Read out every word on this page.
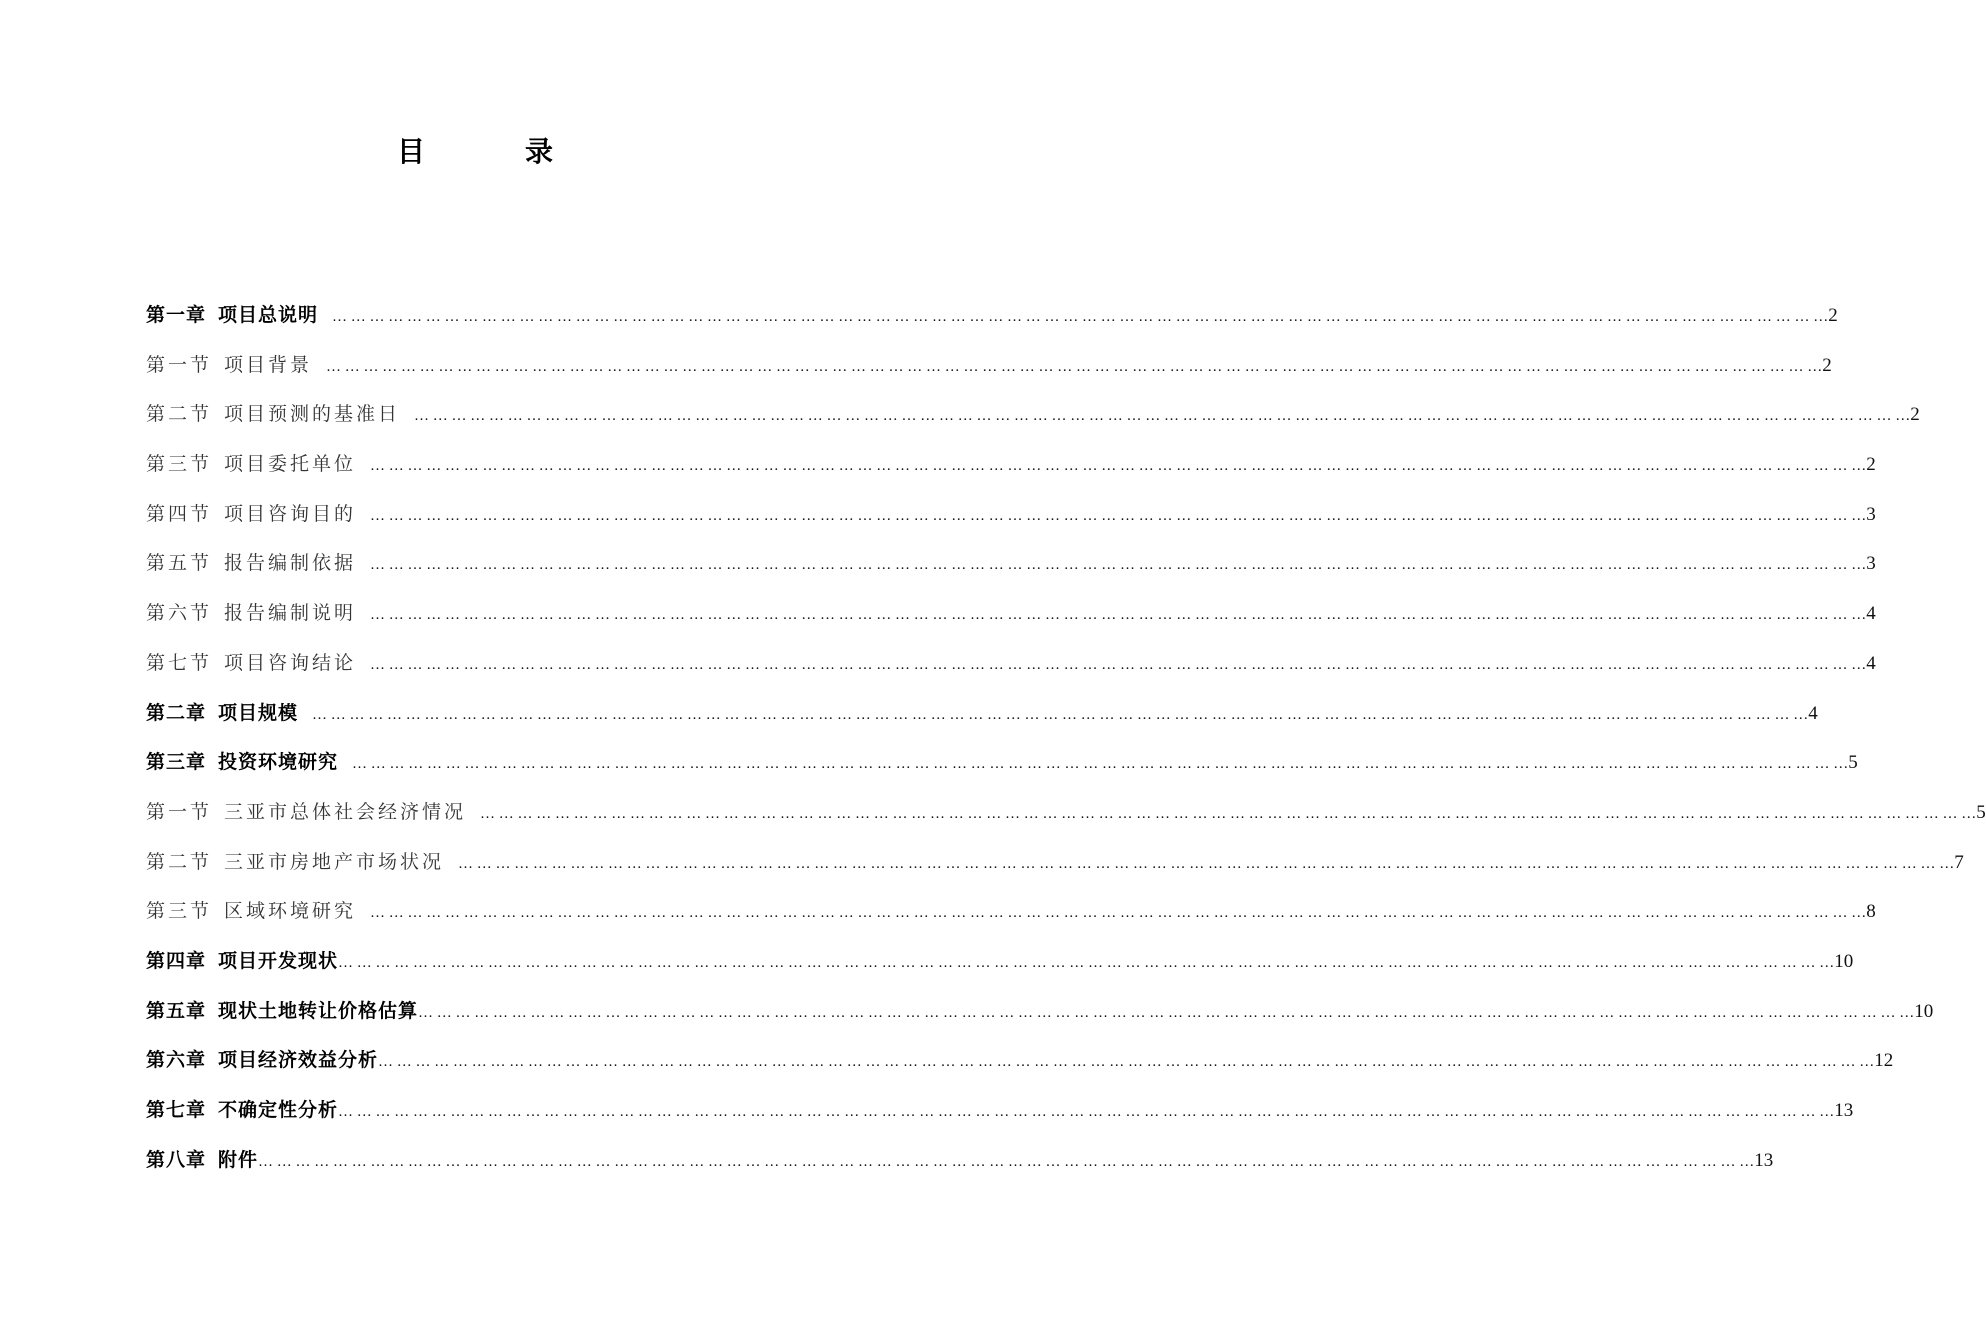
目　录
第一章 项目总说明 … … … … … … … … … … … … … … … … … … … … … … … … … … … … … … … … … … … … … … … … … … … … … … … … … … … … … … … … … … … … … … … … … … … … … … … … … … … … … … … … 2
第一节 项目背景 … … … … … … … … … … … … … … … … … … … … … … … … … … … … … … … … … … … … … … … … … … … … … … … … … … … … … … … … … … … … … … … … … … … … … … … … … … … … … … … … 2
第二节 项目预测的基准日 … … … … … … … … … … … … … … … … … … … … … … … … … … … … … … … … … … … … … … … … … … … … … … … … … … … … … … … … … … … … … … … … … … … … … … … … … … … … … … … … 2
第三节 项目委托单位 … … … … … … … … … … … … … … … … … … … … … … … … … … … … … … … … … … … … … … … … … … … … … … … … … … … … … … … … … … … … … … … … … … … … … … … … … … … … … … … … 2
第四节 项目咨询目的 … … … … … … … … … … … … … … … … … … … … … … … … … … … … … … … … … … … … … … … … … … … … … … … … … … … … … … … … … … … … … … … … … … … … … … … … … … … … … … … … 3
第五节 报告编制依据 … … … … … … … … … … … … … … … … … … … … … … … … … … … … … … … … … … … … … … … … … … … … … … … … … … … … … … … … … … … … … … … … … … … … … … … … … … … … … … … … 3
第六节 报告编制说明 … … … … … … … … … … … … … … … … … … … … … … … … … … … … … … … … … … … … … … … … … … … … … … … … … … … … … … … … … … … … … … … … … … … … … … … … … … … … … … … … 4
第七节 项目咨询结论 … … … … … … … … … … … … … … … … … … … … … … … … … … … … … … … … … … … … … … … … … … … … … … … … … … … … … … … … … … … … … … … … … … … … … … … … … … … … … … … … 4
第二章 项目规模 … … … … … … … … … … … … … … … … … … … … … … … … … … … … … … … … … … … … … … … … … … … … … … … … … … … … … … … … … … … … … … … … … … … … … … … … … … … … … … … … 4
第三章 投资环境研究 … … … … … … … … … … … … … … … … … … … … … … … … … … … … … … … … … … … … … … … … … … … … … … … … … … … … … … … … … … … … … … … … … … … … … … … … … … … … … … … … 5
第一节 三亚市总体社会经济情况 … … … … … … … … … … … … … … … … … … … … … … … … … … … … … … … … … … … … … … … … … … … … … … … … … … … … … … … … … … … … … … … … … … … … … … … … … … … … … … … … 5
第二节 三亚市房地产市场状况 … … … … … … … … … … … … … … … … … … … … … … … … … … … … … … … … … … … … … … … … … … … … … … … … … … … … … … … … … … … … … … … … … … … … … … … … … … … … … … … … 7
第三节 区域环境研究 … … … … … … … … … … … … … … … … … … … … … … … … … … … … … … … … … … … … … … … … … … … … … … … … … … … … … … … … … … … … … … … … … … … … … … … … … … … … … … … … 8
第四章 项目开发现状 … … … … … … … … … … … … … … … … … … … … … … … … … … … … … … … … … … … … … … … … … … … … … … … … … … … … … … … … … … … … … … … … … … … … … … … … … … … … … … … … 10
第五章 现状土地转让价格估算 … … … … … … … … … … … … … … … … … … … … … … … … … … … … … … … … … … … … … … … … … … … … … … … … … … … … … … … … … … … … … … … … … … … … … … … … … … … … … … … … 10
第六章 项目经济效益分析 … … … … … … … … … … … … … … … … … … … … … … … … … … … … … … … … … … … … … … … … … … … … … … … … … … … … … … … … … … … … … … … … … … … … … … … … … … … … … … … … 12
第七章 不确定性分析 … … … … … … … … … … … … … … … … … … … … … … … … … … … … … … … … … … … … … … … … … … … … … … … … … … … … … … … … … … … … … … … … … … … … … … … … … … … … … … … … 13
第八章 附件 … … … … … … … … … … … … … … … … … … … … … … … … … … … … … … … … … … … … … … … … … … … … … … … … … … … … … … … … … … … … … … … … … … … … … … … … … … … … … … … … 13
